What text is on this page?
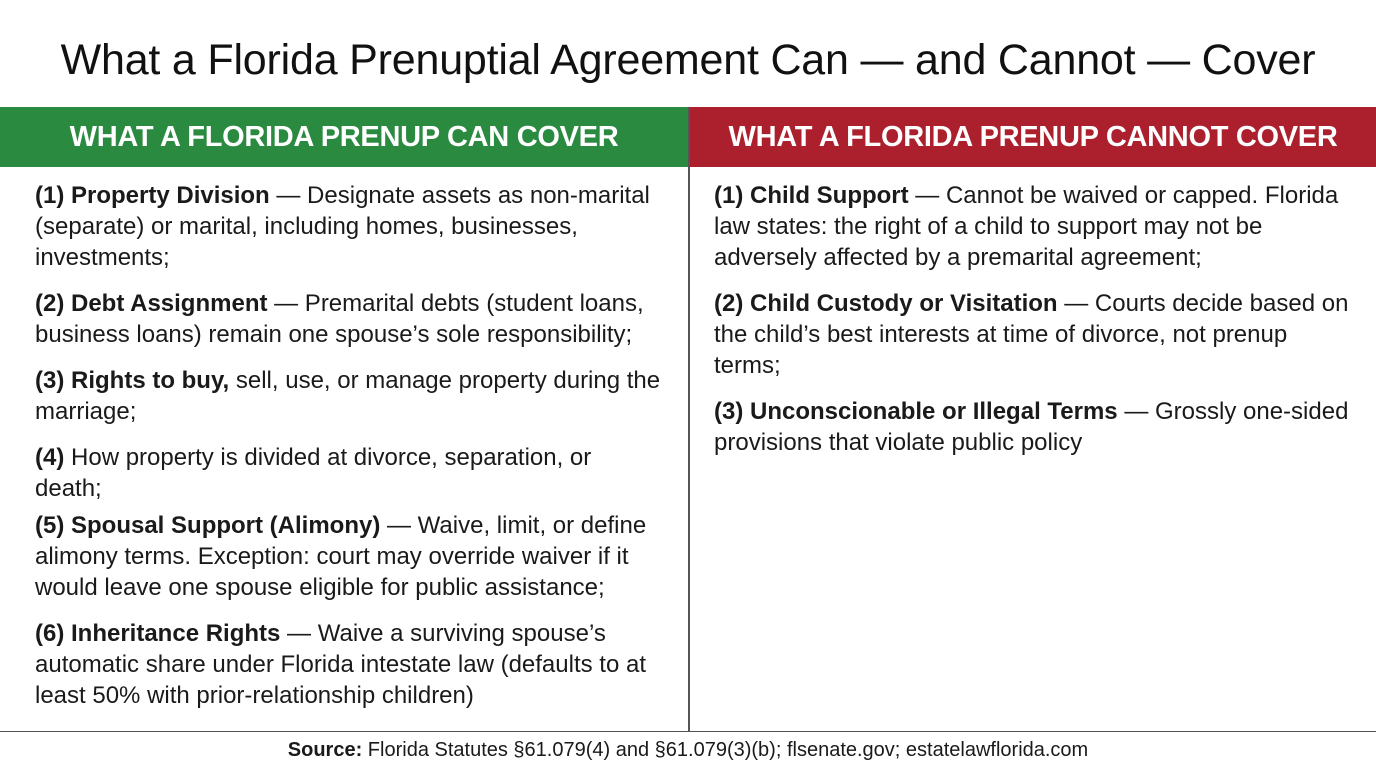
What a Florida Prenuptial Agreement Can — and Cannot — Cover
WHAT A FLORIDA PRENUP CAN COVER
(1) Property Division — Designate assets as non-marital (separate) or marital, including homes, businesses, investments;
(2) Debt Assignment — Premarital debts (student loans, business loans) remain one spouse’s sole responsibility;
(3) Rights to buy, sell, use, or manage property during the marriage;
(4) How property is divided at divorce, separation, or death;
(5) Spousal Support (Alimony) — Waive, limit, or define alimony terms. Exception: court may override waiver if it would leave one spouse eligible for public assistance;
(6) Inheritance Rights — Waive a surviving spouse’s automatic share under Florida intestate law (defaults to at least 50% with prior-relationship children)
WHAT A FLORIDA PRENUP CANNOT COVER
(1) Child Support — Cannot be waived or capped. Florida law states: the right of a child to support may not be adversely affected by a premarital agreement;
(2) Child Custody or Visitation — Courts decide based on the child’s best interests at time of divorce, not prenup terms;
(3) Unconscionable or Illegal Terms — Grossly one-sided provisions that violate public policy
Source: Florida Statutes §61.079(4) and §61.079(3)(b); flsenate.gov; estatelawflorida.com
